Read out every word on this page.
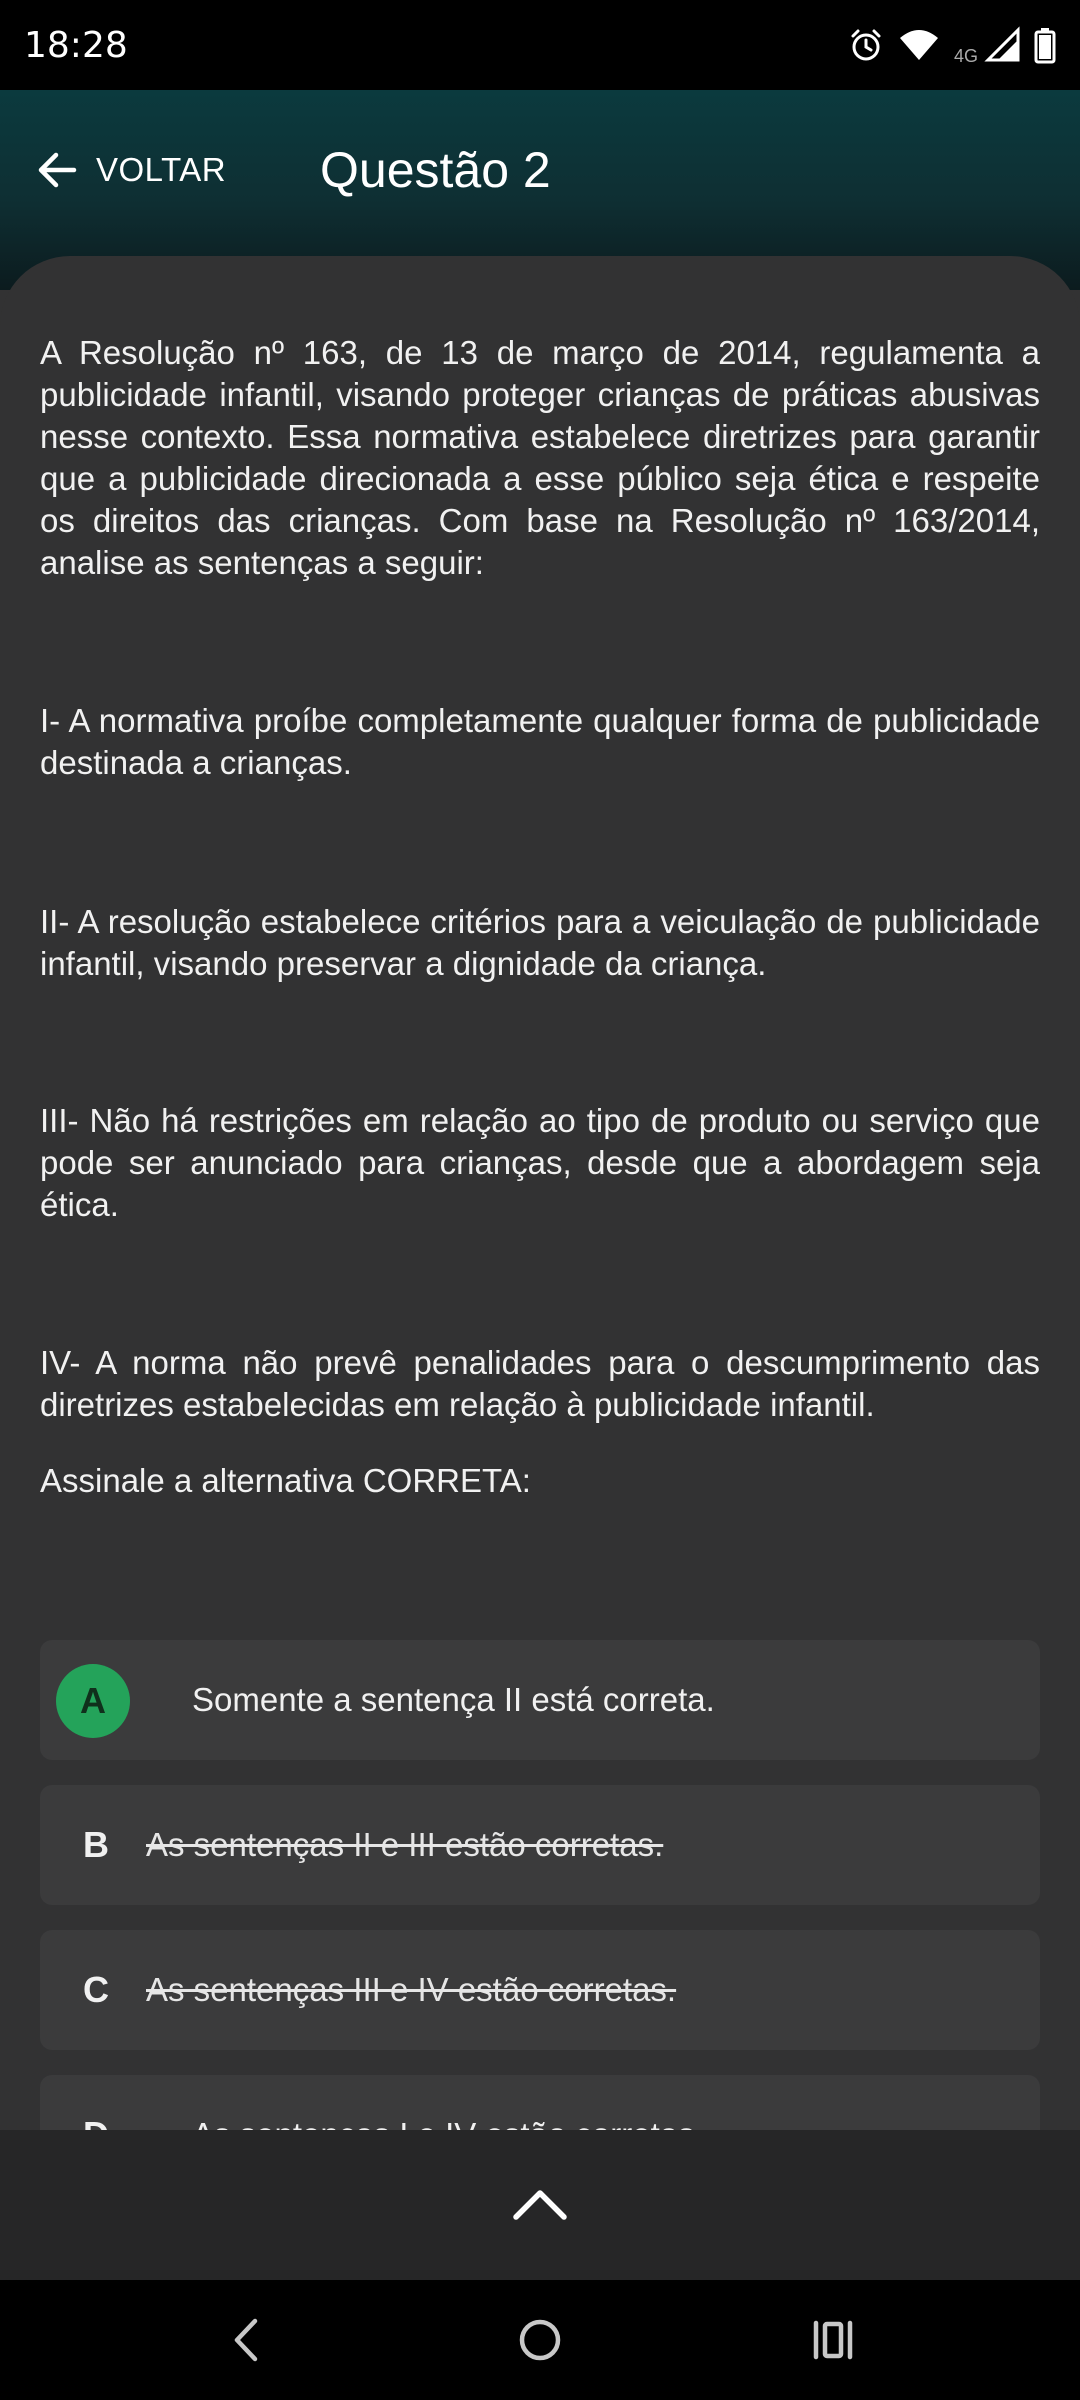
18:28	4G
VOLTAR Questão 2

A Resolução nº 163, de 13 de março de 2014, regulamenta a publicidade infantil, visando proteger crianças de práticas abusivas nesse contexto. Essa normativa estabelece diretrizes para garantir que a publicidade direcionada a esse público seja ética e respeite os direitos das crianças. Com base na Resolução nº 163/2014, analise as sentenças a seguir:

I- A normativa proíbe completamente qualquer forma de publicidade destinada a crianças.

II- A resolução estabelece critérios para a veiculação de publicidade infantil, visando preservar a dignidade da criança.

III- Não há restrições em relação ao tipo de produto ou serviço que pode ser anunciado para crianças, desde que a abordagem seja ética.

IV- A norma não prevê penalidades para o descumprimento das diretrizes estabelecidas em relação à publicidade infantil.

Assinale a alternativa CORRETA:

A	Somente a sentença II está correta.
B As sentenças II e III estão corretas.
C As sentenças III e IV estão corretas.
